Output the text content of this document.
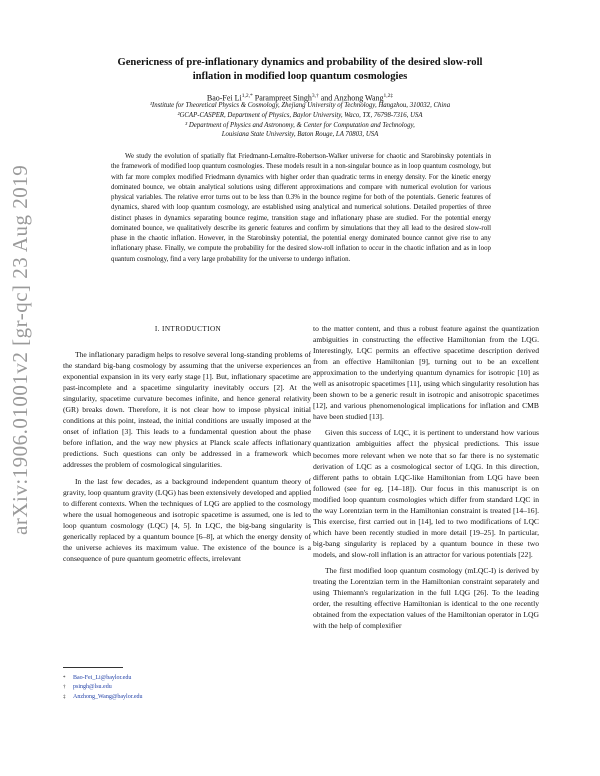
arXiv:1906.01001v2 [gr-qc] 23 Aug 2019
Genericness of pre-inflationary dynamics and probability of the desired slow-roll
inflation in modified loop quantum cosmologies
Bao-Fei $Li^{1,2,*}$ Parampreet Singh$^{3,\dagger}$ and Anzhong Wang$^{1,2\ddagger}$

¹Institute for Theoretical Physics & Cosmology, Zhejiang University of Technology, Hangzhou, 310032, China

²GCAP-CASPER, Department of Physics, Baylor University, Waco, TX, 76798-7316, USA

³ Department of Physics and Astronomy, & Center for Computation and Technology,

Louisiana State University, Baton Rouge, LA 70803, USA

We study the evolution of spatially flat Friedmann-Lemaître-Robertson-Walker universe for chaotic and Starobinsky potentials in the framework of modified loop quantum cosmologies. These models result in a non-singular bounce as in loop quantum cosmology, but with far more complex modified Friedmann dynamics with higher order than quadratic terms in energy density. For the kinetic energy dominated bounce, we obtain analytical solutions using different approximations and compare with numerical evolution for various physical variables. The relative error turns out to be less than 0.3% in the bounce regime for both of the potentials. Generic features of dynamics, shared with loop quantum cosmology, are established using analytical and numerical solutions. Detailed properties of three distinct phases in dynamics separating bounce regime, transition stage and inflationary phase are studied. For the potential energy dominated bounce, we qualitatively describe its generic features and confirm by simulations that they all lead to the desired slow-roll phase in the chaotic inflation. However, in the Starobinsky potential, the potential energy dominated bounce cannot give rise to any inflationary phase. Finally, we compute the probability for the desired slow-roll inflation to occur in the chaotic inflation and as in loop quantum cosmology, find a very large probability for the universe to undergo inflation.

I. INTRODUCTION

The inflationary paradigm helps to resolve several long-standing problems of the standard big-bang cosmology by assuming that the universe experiences an exponential expansion in its very early stage [1]. But, inflationary spacetime are past-incomplete and a spacetime singularity inevitably occurs [2]. At the singularity, spacetime curvature becomes infinite, and hence general relativity (GR) breaks down. Therefore, it is not clear how to impose physical initial conditions at this point, instead, the initial conditions are usually imposed at the onset of inflation [3]. This leads to a fundamental question about the phase before inflation, and the way new physics at Planck scale affects inflationary predictions. Such questions can only be addressed in a framework which addresses the problem of cosmological singularities.

In the last few decades, as a background independent quantum theory of gravity, loop quantum gravity (LQG) has been extensively developed and applied to different contexts. When the techniques of LQG are applied to the cosmology where the usual homogeneous and isotropic spacetime is assumed, one is led to loop quantum cosmology (LQC) [4, 5]. In LQC, the big-bang singularity is generically replaced by a quantum bounce [6–8], at which the energy density of the universe achieves its maximum value. The existence of the bounce is a consequence of pure quantum geometric effects, irrelevant

to the matter content, and thus a robust feature against the quantization ambiguities in constructing the effective Hamiltonian from the LQG. Interestingly, LQC permits an effective spacetime description derived from an effective Hamiltonian [9], turning out to be an excellent approximation to the underlying quantum dynamics for isotropic [10] as well as anisotropic spacetimes [11], using which singularity resolution has been shown to be a generic result in isotropic and anisotropic spacetimes [12], and various phenomenological implications for inflation and CMB have been studied [13].

Given this success of LQC, it is pertinent to understand how various quantization ambiguities affect the physical predictions. This issue becomes more relevant when we note that so far there is no systematic derivation of LQC as a cosmological sector of LQG. In this direction, different paths to obtain LQC-like Hamiltonian from LQG have been followed (see for eg. [14–18]). Our focus in this manuscript is on modified loop quantum cosmologies which differ from standard LQC in the way Lorentzian term in the Hamiltonian constraint is treated [14–16]. This exercise, first carried out in [14], led to two modifications of LQC which have been recently studied in more detail [19–25]. In particular, big-bang singularity is replaced by a quantum bounce in these two models, and slow-roll inflation is an attractor for various potentials [22].

The first modified loop quantum cosmology (mLQC-I) is derived by treating the Lorentzian term in the Hamiltonian constraint separately and using Thiemann's regularization in the full LQG [26]. To the leading order, the resulting effective Hamiltonian is identical to the one recently obtained from the expectation values of the Hamiltonian operator in LQG with the help of complexifier

* Bao-Fei_Li@baylor.edu
† psingh@lsu.edu
‡ Anzhong_Wang@baylor.edu
